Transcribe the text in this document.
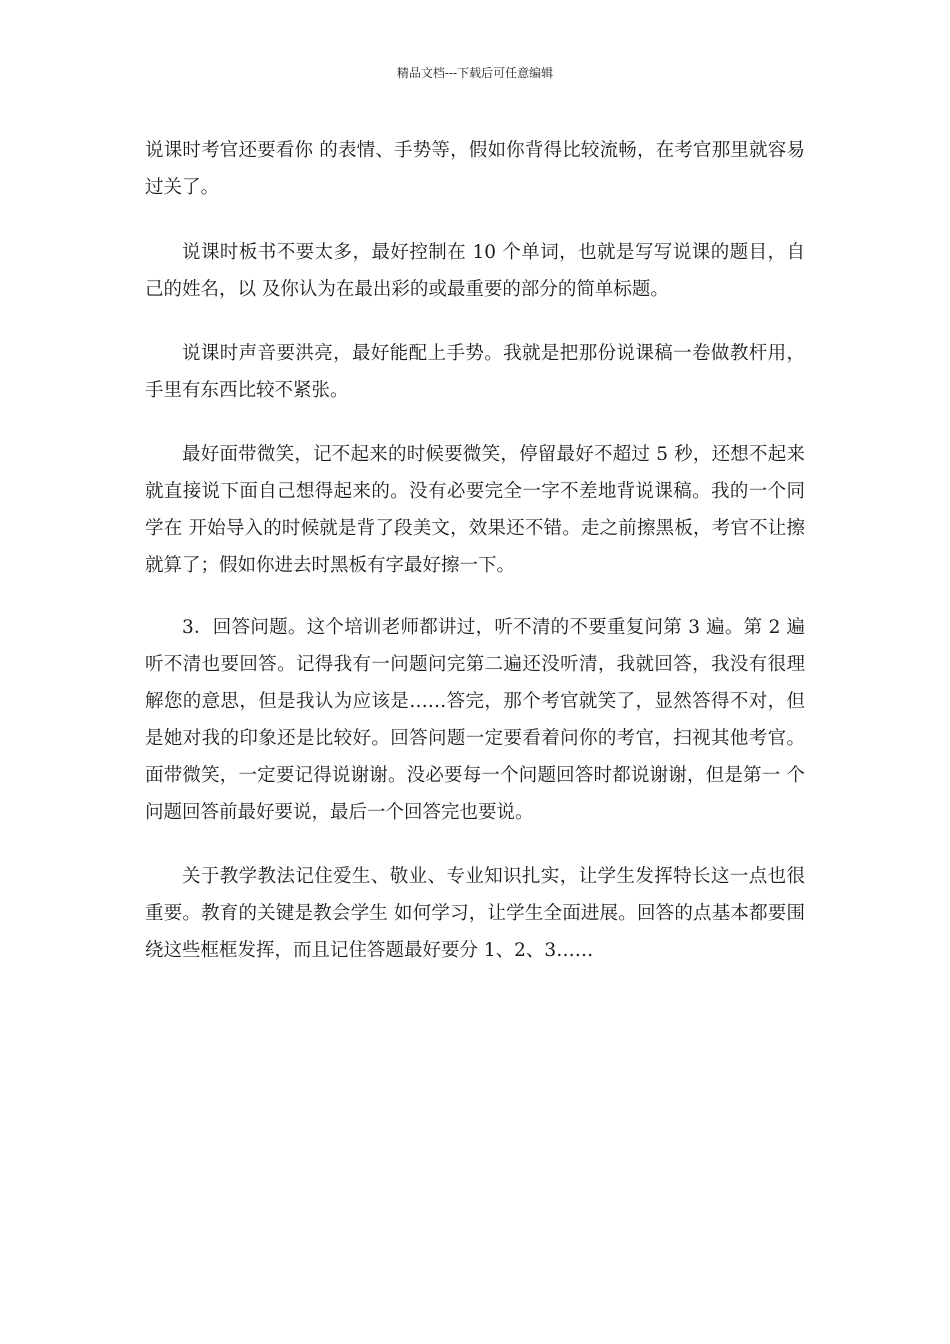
精品文档---下载后可任意编辑

说课时考官还要看你 的表情、手势等，假如你背得比较流畅，在考官那里就容易过关了。

说课时板书不要太多，最好控制在 10 个单词，也就是写写说课的题目，自己的姓名，以 及你认为在最出彩的或最重要的部分的简单标题。

说课时声音要洪亮，最好能配上手势。我就是把那份说课稿一卷做教杆用，手里有东西比较不紧张。

最好面带微笑，记不起来的时候要微笑，停留最好不超过 5 秒，还想不起来就直接说下面自己想得起来的。没有必要完全一字不差地背说课稿。我的一个同学在 开始导入的时候就是背了段美文，效果还不错。走之前擦黑板，考官不让擦就算了；假如你进去时黑板有字最好擦一下。

3．回答问题。这个培训老师都讲过，听不清的不要重复问第 3 遍。第 2 遍听不清也要回答。记得我有一问题问完第二遍还没听清，我就回答，我没有很理解您的意思，但是我认为应该是……答完，那个考官就笑了，显然答得不对，但是她对我的印象还是比较好。回答问题一定要看着问你的考官，扫视其他考官。面带微笑，一定要记得说谢谢。没必要每一个问题回答时都说谢谢，但是第一 个问题回答前最好要说，最后一个回答完也要说。

关于教学教法记住爱生、敬业、专业知识扎实，让学生发挥特长这一点也很重要。教育的关键是教会学生 如何学习，让学生全面进展。回答的点基本都要围绕这些框框发挥，而且记住答题最好要分 1、2、3……
